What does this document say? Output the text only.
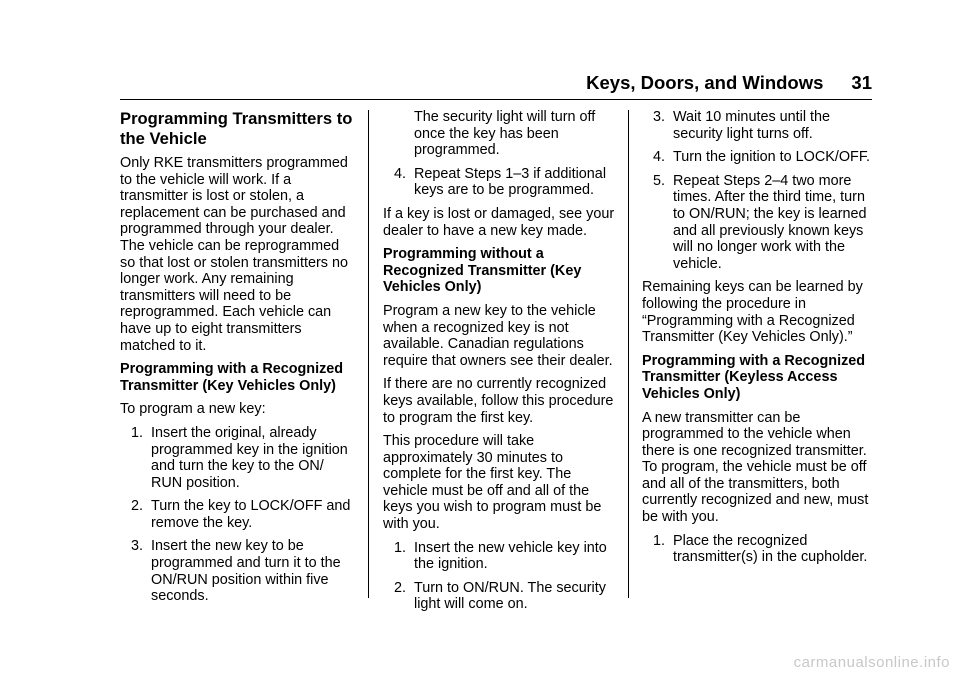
Keys, Doors, and Windows 31
Programming Transmitters to the Vehicle

Only RKE transmitters programmed to the vehicle will work. If a transmitter is lost or stolen, a replacement can be purchased and programmed through your dealer. The vehicle can be reprogrammed so that lost or stolen transmitters no longer work. Any remaining transmitters will need to be reprogrammed. Each vehicle can have up to eight transmitters matched to it.

Programming with a Recognized Transmitter (Key Vehicles Only)

To program a new key:

1. Insert the original, already programmed key in the ignition and turn the key to the ON/ RUN position.
2. Turn the key to LOCK/OFF and remove the key.
3. Insert the new key to be programmed and turn it to the ON/RUN position within five seconds.
The security light will turn off once the key has been programmed.
4. Repeat Steps 1–3 if additional keys are to be programmed.

If a key is lost or damaged, see your dealer to have a new key made.

Programming without a Recognized Transmitter (Key Vehicles Only)

Program a new key to the vehicle when a recognized key is not available. Canadian regulations require that owners see their dealer.

If there are no currently recognized keys available, follow this procedure to program the first key.

This procedure will take approximately 30 minutes to complete for the first key. The vehicle must be off and all of the keys you wish to program must be with you.

1. Insert the new vehicle key into the ignition.
2. Turn to ON/RUN. The security light will come on.
3. Wait 10 minutes until the security light turns off.
4. Turn the ignition to LOCK/OFF.
5. Repeat Steps 2–4 two more times. After the third time, turn to ON/RUN; the key is learned and all previously known keys will no longer work with the vehicle.

Remaining keys can be learned by following the procedure in “Programming with a Recognized Transmitter (Key Vehicles Only).”

Programming with a Recognized Transmitter (Keyless Access Vehicles Only)

A new transmitter can be programmed to the vehicle when there is one recognized transmitter. To program, the vehicle must be off and all of the transmitters, both currently recognized and new, must be with you.

1. Place the recognized transmitter(s) in the cupholder.
carmanualsonline.info
